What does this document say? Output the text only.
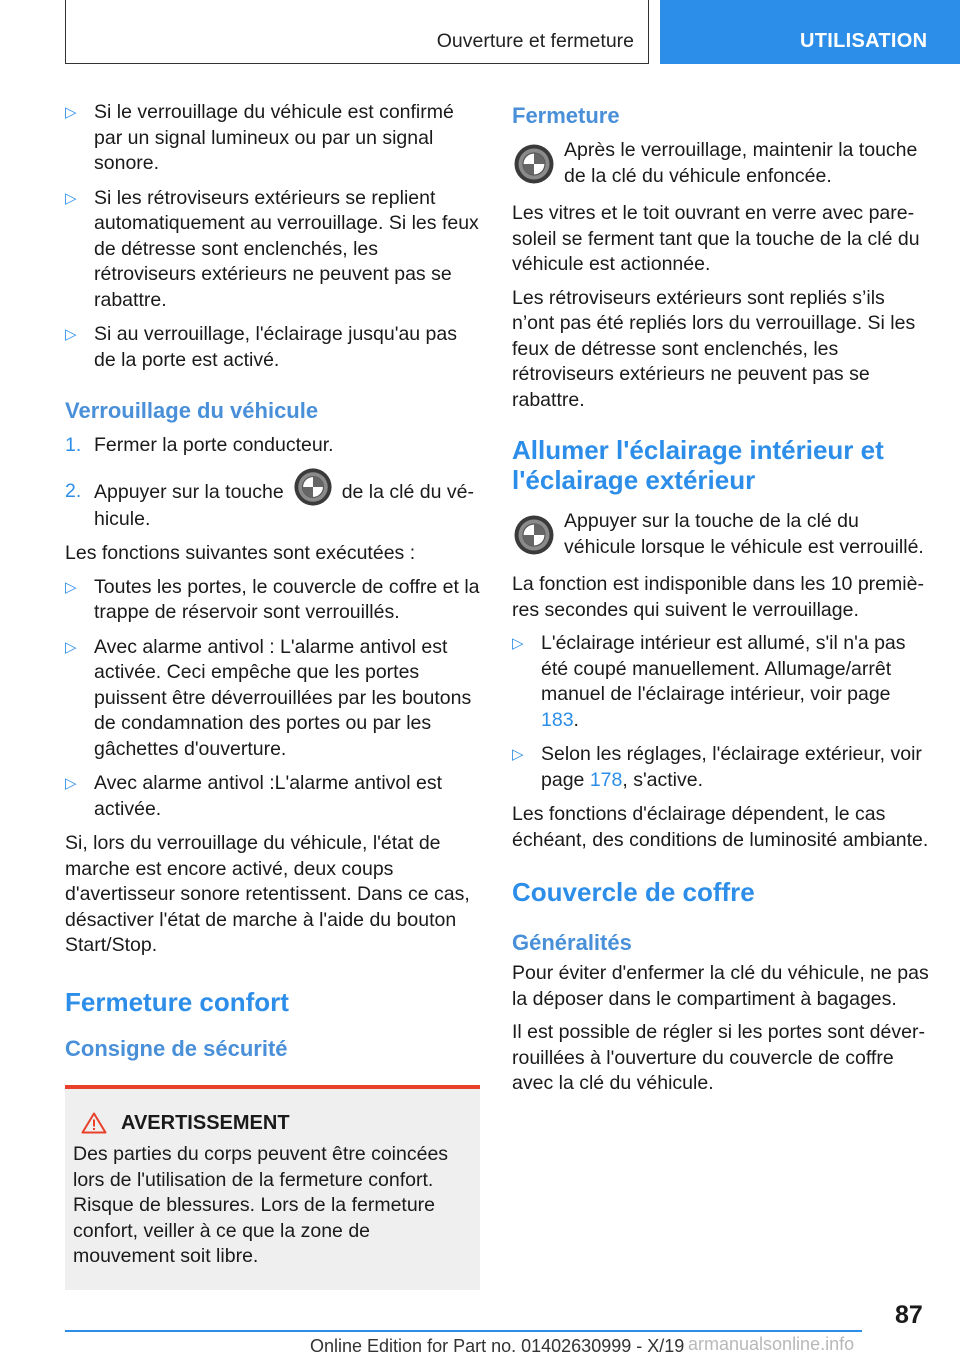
Ouverture et fermeture	UTILISATION
▷ Si le verrouillage du véhicule est confirmé par un signal lumineux ou par un signal sonore.
▷ Si les rétroviseurs extérieurs se replient automatiquement au verrouillage. Si les feux de détresse sont enclenchés, les rétroviseurs extérieurs ne peuvent pas se rabattre.
▷ Si au verrouillage, l'éclairage jusqu'au pas de la porte est activé.
Verrouillage du véhicule
1. Fermer la porte conducteur.
2. Appuyer sur la touche	de la clé du véhicule.

Les fonctions suivantes sont exécutées :

▷ Toutes les portes, le couvercle de coffre et la trappe de réservoir sont verrouillés.
▷ Avec alarme antivol : L'alarme antivol est activée. Ceci empêche que les portes puissent être déverrouillées par les boutons de condamnation des portes ou par les gâchettes d'ouverture.
▷ Avec alarme antivol :L'alarme antivol est activée.

Si, lors du verrouillage du véhicule, l'état de marche est encore activé, deux coups d'avertisseur sonore retentissent. Dans ce cas, désactiver l'état de marche à l'aide du bouton Start/Stop.

Fermeture confort
Consigne de sécurité
AVERTISSEMENT

Des parties du corps peuvent être coincées lors de l'utilisation de la fermeture confort. Risque de blessures. Lors de la fermeture confort, veiller à ce que la zone de mouvement soit libre.

Fermeture
Après le verrouillage, maintenir la touche de la clé du véhicule enfoncée.

Les vitres et le toit ouvrant en verre avec pare-soleil se ferment tant que la touche de la clé du véhicule est actionnée.

Les rétroviseurs extérieurs sont repliés s’ils n’ont pas été repliés lors du verrouillage. Si les feux de détresse sont enclenchés, les rétroviseurs extérieurs ne peuvent pas se rabattre.

Allumer l'éclairage intérieur et l'éclairage extérieur
Appuyer sur la touche de la clé du véhicule lorsque le véhicule est verrouillé.

La fonction est indisponible dans les 10 premières secondes qui suivent le verrouillage.

▷ L'éclairage intérieur est allumé, s'il n'a pas été coupé manuellement. Allumage/arrêt manuel de l'éclairage intérieur, voir page 183.
▷ Selon les réglages, l'éclairage extérieur, voir page 178, s'active.

Les fonctions d'éclairage dépendent, le cas échéant, des conditions de luminosité ambiante.

Couvercle de coffre
Généralités

Pour éviter d'enfermer la clé du véhicule, ne pas la déposer dans le compartiment à bagages.

Il est possible de régler si les portes sont déverrouillées à l'ouverture du couvercle de coffre avec la clé du véhicule.

87
Online Edition for Part no. 01402630999 - X/19 armanualsonline.info
